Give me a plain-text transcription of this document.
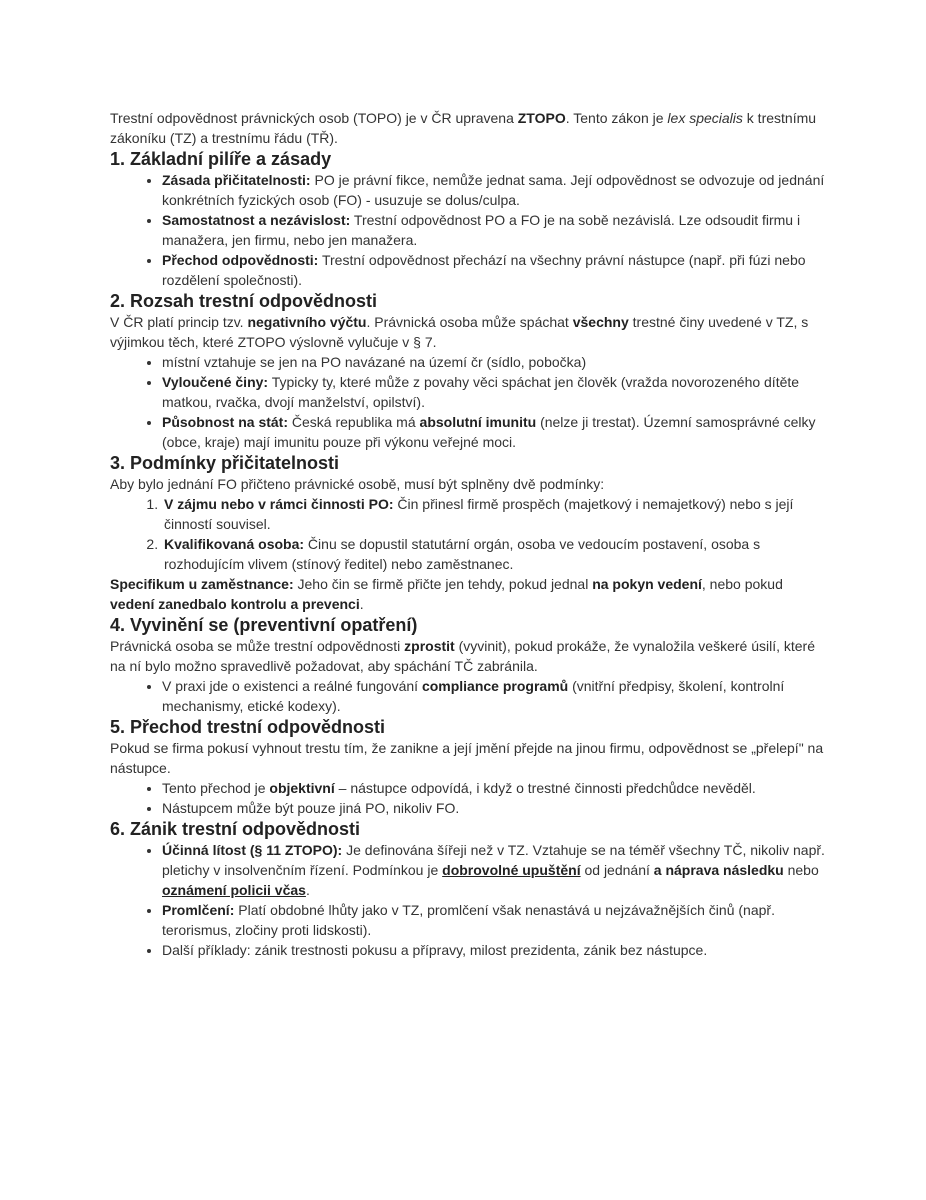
Trestní odpovědnost právnických osob (TOPO) je v ČR upravena ZTOPO. Tento zákon je lex specialis k trestnímu zákoníku (TZ) a trestnímu řádu (TŘ).

1. Základní pilíře a zásady
• Zásada přičitatelnosti: PO je právní fikce, nemůže jednat sama. Její odpovědnost se odvozuje od jednání konkrétních fyzických osob (FO) - usuzuje se dolus/culpa.
• Samostatnost a nezávislost: Trestní odpovědnost PO a FO je na sobě nezávislá. Lze odsoudit firmu i manažera, jen firmu, nebo jen manažera.
• Přechod odpovědnosti: Trestní odpovědnost přechází na všechny právní nástupce (např. při fúzi nebo rozdělení společnosti).
2. Rozsah trestní odpovědnosti

V ČR platí princip tzv. negativního výčtu. Právnická osoba může spáchat všechny trestné činy uvedené v TZ, s výjimkou těch, které ZTOPO výslovně vylučuje v § 7.

• místní vztahuje se jen na PO navázané na území čr (sídlo, pobočka)
• Vyloučené činy: Typicky ty, které může z povahy věci spáchat jen člověk (vražda novorozeného dítěte matkou, rvačka, dvojí manželství, opilství).
• Působnost na stát: Česká republika má absolutní imunitu (nelze ji trestat). Územní samosprávné celky (obce, kraje) mají imunitu pouze při výkonu veřejné moci.
3. Podmínky přičitatelnosti

Aby bylo jednání FO přičteno právnické osobě, musí být splněny dvě podmínky:

1. V zájmu nebo v rámci činnosti PO: Čin přinesl firmě prospěch (majetkový i nemajetkový) nebo s její činností souvisel.
2. Kvalifikovaná osoba: Činu se dopustil statutární orgán, osoba ve vedoucím postavení, osoba s rozhodujícím vlivem (stínový ředitel) nebo zaměstnanec.

Specifikum u zaměstnance: Jeho čin se firmě přičte jen tehdy, pokud jednal na pokyn vedení, nebo pokud vedení zanedbalo kontrolu a prevenci.

4. Vyvinění se (preventivní opatření)

Právnická osoba se může trestní odpovědnosti zprostit (vyvinit), pokud prokáže, že vynaložila veškeré úsilí, které na ní bylo možno spravedlivě požadovat, aby spáchání TČ zabránila.

• V praxi jde o existenci a reálné fungování compliance programů (vnitřní předpisy, školení, kontrolní mechanismy, etické kodexy).
5. Přechod trestní odpovědnosti

Pokud se firma pokusí vyhnout trestu tím, že zanikne a její jmění přejde na jinou firmu, odpovědnost se „přelepí" na nástupce.

• Tento přechod je objektivní – nástupce odpovídá, i když o trestné činnosti předchůdce nevěděl.
• Nástupcem může být pouze jiná PO, nikoliv FO.
6. Zánik trestní odpovědnosti
• Účinná lítost (§ 11 ZTOPO): Je definována šířeji než v TZ. Vztahuje se na téměř všechny TČ, nikoliv např. pletichy v insolvenčním řízení. Podmínkou je dobrovolné upuštění od jednání a náprava následku nebo oznámení policii včas.
• Promlčení: Platí obdobné lhůty jako v TZ, promlčení však nenastává u nejzávažnějších činů (např. terorismus, zločiny proti lidskosti).
• Další příklady: zánik trestnosti pokusu a přípravy, milost prezidenta, zánik bez nástupce.
